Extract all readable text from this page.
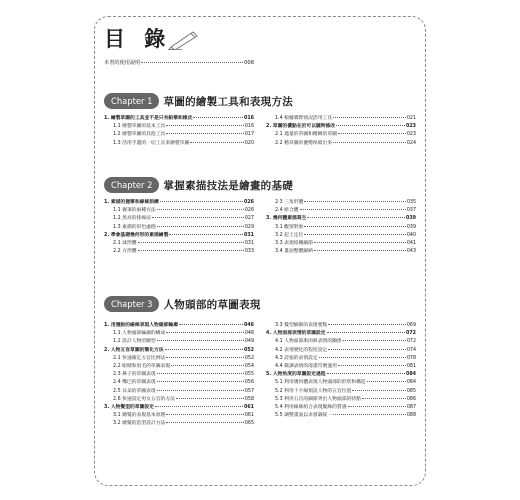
目 錄
本書的使用說明	008
Chapter 1	草圖的繪製工具和表現方法
1. 繪製草圖的工具並不是只有鉛筆和橡皮	016
1.1 繪製草圖的基本工具	016
1.2 繪製草圖的其他工具	017
1.3 活用手邊的一切工具來繪製草圖	020
1.4 根據實際情況活用工具	021
2. 草圖的優點在於可以隨時修改	023
2.1 適量的草圖和精緻的草圖	023
2.2 精草圖的優勢保障出來	024
Chapter 2	掌握素描技法是繪畫的基礎
1. 素描的握筆和線條訓練	026
1.1 握筆的兩種方法	026
1.2 黑亮的排線法	027
1.3 素描的彩色處理	029
2. 學會基礎幾何形的素描繪製	031
2.1 球形體	031
2.2 方形體	033
2.3 三角形體	035
2.4 組合體	037
3. 幾何體素描寫生	039
3.1 觀察對象	039
3.2 起上定位	040
3.3 表現結構細節	041
3.4 畫面整體歸納	043
Chapter 3	人物頭部的草圖表現
1. 用漫脫的線條表現人物頭部輪廓	046
1.1 人物頭部輪廓的構成	046
1.2 設計人物的臉型	049
2. 人物五官草圖的簡化方法	052
2.1 快速確定五官比例法	052
2.2 眼睛和眉毛的草圖表現	054
2.3 鼻子的草圖表現	055
2.4 嘴巴的草圖表現	056
2.5 耳朵的草圖表現	057
2.6 快速設定男女五官的方法	058
3. 人物髮型的草圖設定	061
3.1 總髮的表現基本原理	061
3.2 總髮的造型設計方法	065
3.3 髮型細節的表現要點	069
4. 人物面部表情的草圖設定	072
4.1 人物面部肌肉與表情的關係	072
4.2 表情變化的程度設定	074
4.3 誇張的表情設定	078
4.4 微調表情的漫畫符號運用	081
5. 人物角度的草圖設定過程	084
5.1 利用幾何體表現人物頭部的形狀和構造	084
5.2 利用十字線預設人物的五官位置	085
5.3 利用五官的細節突出人物頭部的特點	086
5.4 利用線條組合表現髮絲的質感	087
5.5 調整畫面以求發調統一	088
